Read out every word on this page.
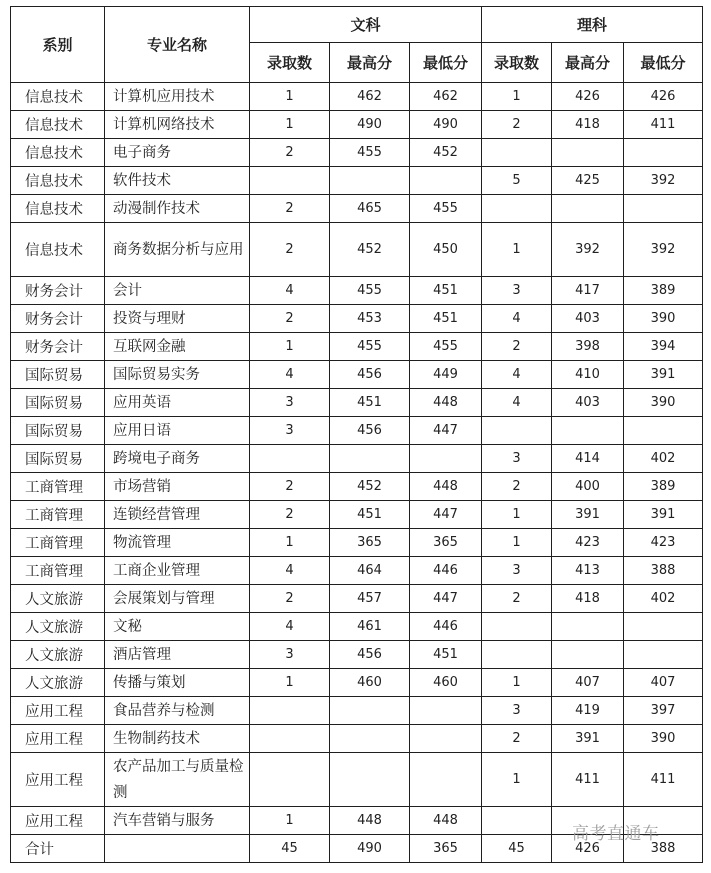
系别	专业名称	文科			理科		
		录取数	最高分	最低分	录取数	最高分	最低分
信息技术	计算机应用技术	1	462	462	1	426	426
信息技术	计算机网络技术	1	490	490	2	418	411
信息技术	电子商务	2	455	452			
信息技术	软件技术				5	425	392
信息技术	动漫制作技术	2	465	455			
信息技术	商务数据分析与应用	2	452	450	1	392	392
财务会计	会计	4	455	451	3	417	389
财务会计	投资与理财	2	453	451	4	403	390
财务会计	互联网金融	1	455	455	2	398	394
国际贸易	国际贸易实务	4	456	449	4	410	391
国际贸易	应用英语	3	451	448	4	403	390
国际贸易	应用日语	3	456	447			
国际贸易	跨境电子商务				3	414	402
工商管理	市场营销	2	452	448	2	400	389
工商管理	连锁经营管理	2	451	447	1	391	391
工商管理	物流管理	1	365	365	1	423	423
工商管理	工商企业管理	4	464	446	3	413	388
人文旅游	会展策划与管理	2	457	447	2	418	402
人文旅游	文秘	4	461	446			
人文旅游	酒店管理	3	456	451			
人文旅游	传播与策划	1	460	460	1	407	407
应用工程	食品营养与检测				3	419	397
应用工程	生物制药技术				2	391	390
应用工程	农产品加工与质量检测				1	411	411
应用工程	汽车营销与服务	1	448	448			
合计		45	490	365	45	426	388
高考直通车
